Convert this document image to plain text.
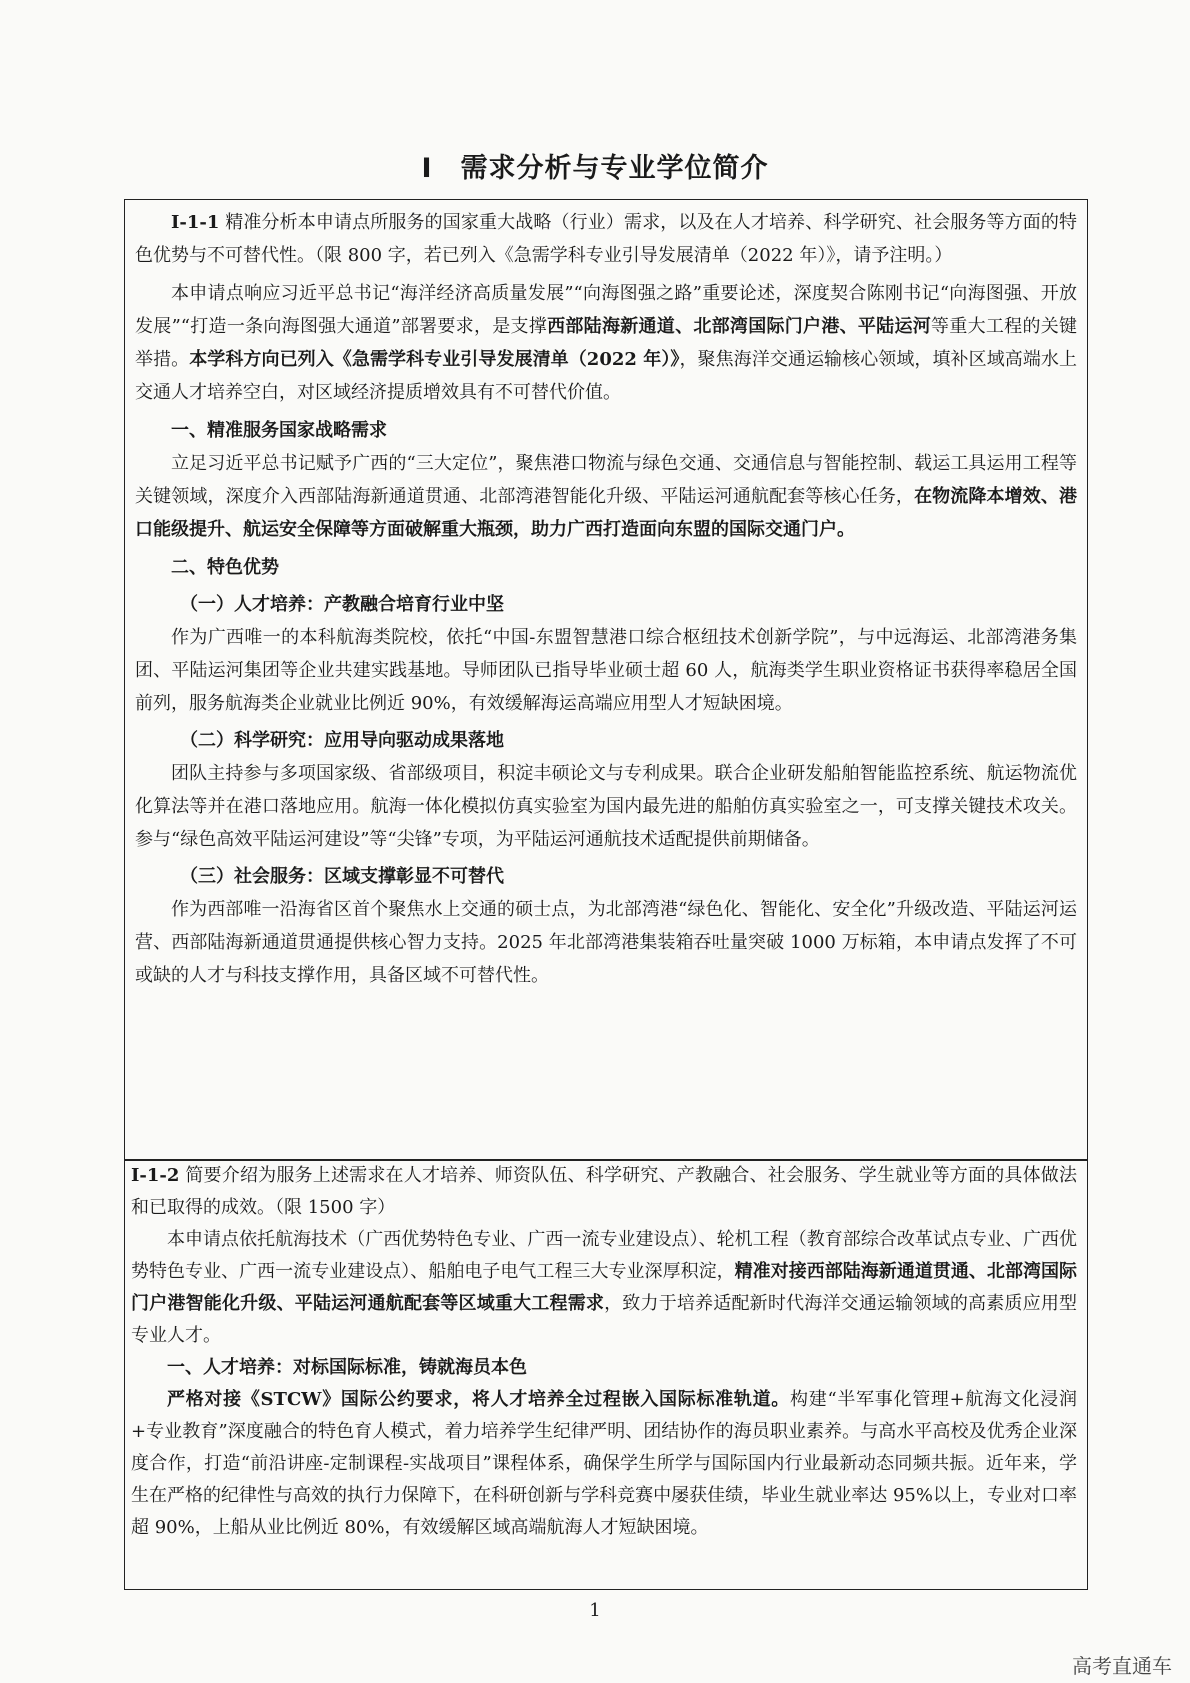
I　需求分析与专业学位简介

I-1-1 精准分析本申请点所服务的国家重大战略（行业）需求，以及在人才培养、科学研究、社会服务等方面的特色优势与不可替代性。（限 800 字，若已列入《急需学科专业引导发展清单（2022 年）》，请予注明。）

本申请点响应习近平总书记“海洋经济高质量发展”“向海图强之路”重要论述，深度契合陈刚书记“向海图强、开放发展”“打造一条向海图强大通道”部署要求，是支撑西部陆海新通道、北部湾国际门户港、平陆运河等重大工程的关键举措。本学科方向已列入《急需学科专业引导发展清单（2022 年）》，聚焦海洋交通运输核心领域，填补区域高端水上交通人才培养空白，对区域经济提质增效具有不可替代价值。

一、精准服务国家战略需求

立足习近平总书记赋予广西的“三大定位”，聚焦港口物流与绿色交通、交通信息与智能控制、载运工具运用工程等关键领域，深度介入西部陆海新通道贯通、北部湾港智能化升级、平陆运河通航配套等核心任务，在物流降本增效、港口能级提升、航运安全保障等方面破解重大瓶颈，助力广西打造面向东盟的国际交通门户。

二、特色优势

（一）人才培养：产教融合培育行业中坚

作为广西唯一的本科航海类院校，依托“中国-东盟智慧港口综合枢纽技术创新学院”，与中远海运、北部湾港务集团、平陆运河集团等企业共建实践基地。导师团队已指导毕业硕士超 60 人，航海类学生职业资格证书获得率稳居全国前列，服务航海类企业就业比例近 90%，有效缓解海运高端应用型人才短缺困境。

（二）科学研究：应用导向驱动成果落地

团队主持参与多项国家级、省部级项目，积淀丰硕论文与专利成果。联合企业研发船舶智能监控系统、航运物流优化算法等并在港口落地应用。航海一体化模拟仿真实验室为国内最先进的船舶仿真实验室之一，可支撑关键技术攻关。参与“绿色高效平陆运河建设”等“尖锋”专项，为平陆运河通航技术适配提供前期储备。

（三）社会服务：区域支撑彰显不可替代

作为西部唯一沿海省区首个聚焦水上交通的硕士点，为北部湾港“绿色化、智能化、安全化”升级改造、平陆运河运营、西部陆海新通道贯通提供核心智力支持。2025 年北部湾港集装箱吞吐量突破 1000 万标箱，本申请点发挥了不可或缺的人才与科技支撑作用，具备区域不可替代性。

I-1-2 简要介绍为服务上述需求在人才培养、师资队伍、科学研究、产教融合、社会服务、学生就业等方面的具体做法和已取得的成效。（限 1500 字）

本申请点依托航海技术（广西优势特色专业、广西一流专业建设点）、轮机工程（教育部综合改革试点专业、广西优势特色专业、广西一流专业建设点）、船舶电子电气工程三大专业深厚积淀，精准对接西部陆海新通道贯通、北部湾国际门户港智能化升级、平陆运河通航配套等区域重大工程需求，致力于培养适配新时代海洋交通运输领域的高素质应用型专业人才。

一、人才培养：对标国际标准，铸就海员本色

严格对接《STCW》国际公约要求，将人才培养全过程嵌入国际标准轨道。构建“半军事化管理+航海文化浸润+专业教育”深度融合的特色育人模式，着力培养学生纪律严明、团结协作的海员职业素养。与高水平高校及优秀企业深度合作，打造“前沿讲座-定制课程-实战项目”课程体系，确保学生所学与国际国内行业最新动态同频共振。近年来，学生在严格的纪律性与高效的执行力保障下，在科研创新与学科竞赛中屡获佳绩，毕业生就业率达 95%以上，专业对口率超 90%，上船从业比例近 80%，有效缓解区域高端航海人才短缺困境。

1
高考直通车
